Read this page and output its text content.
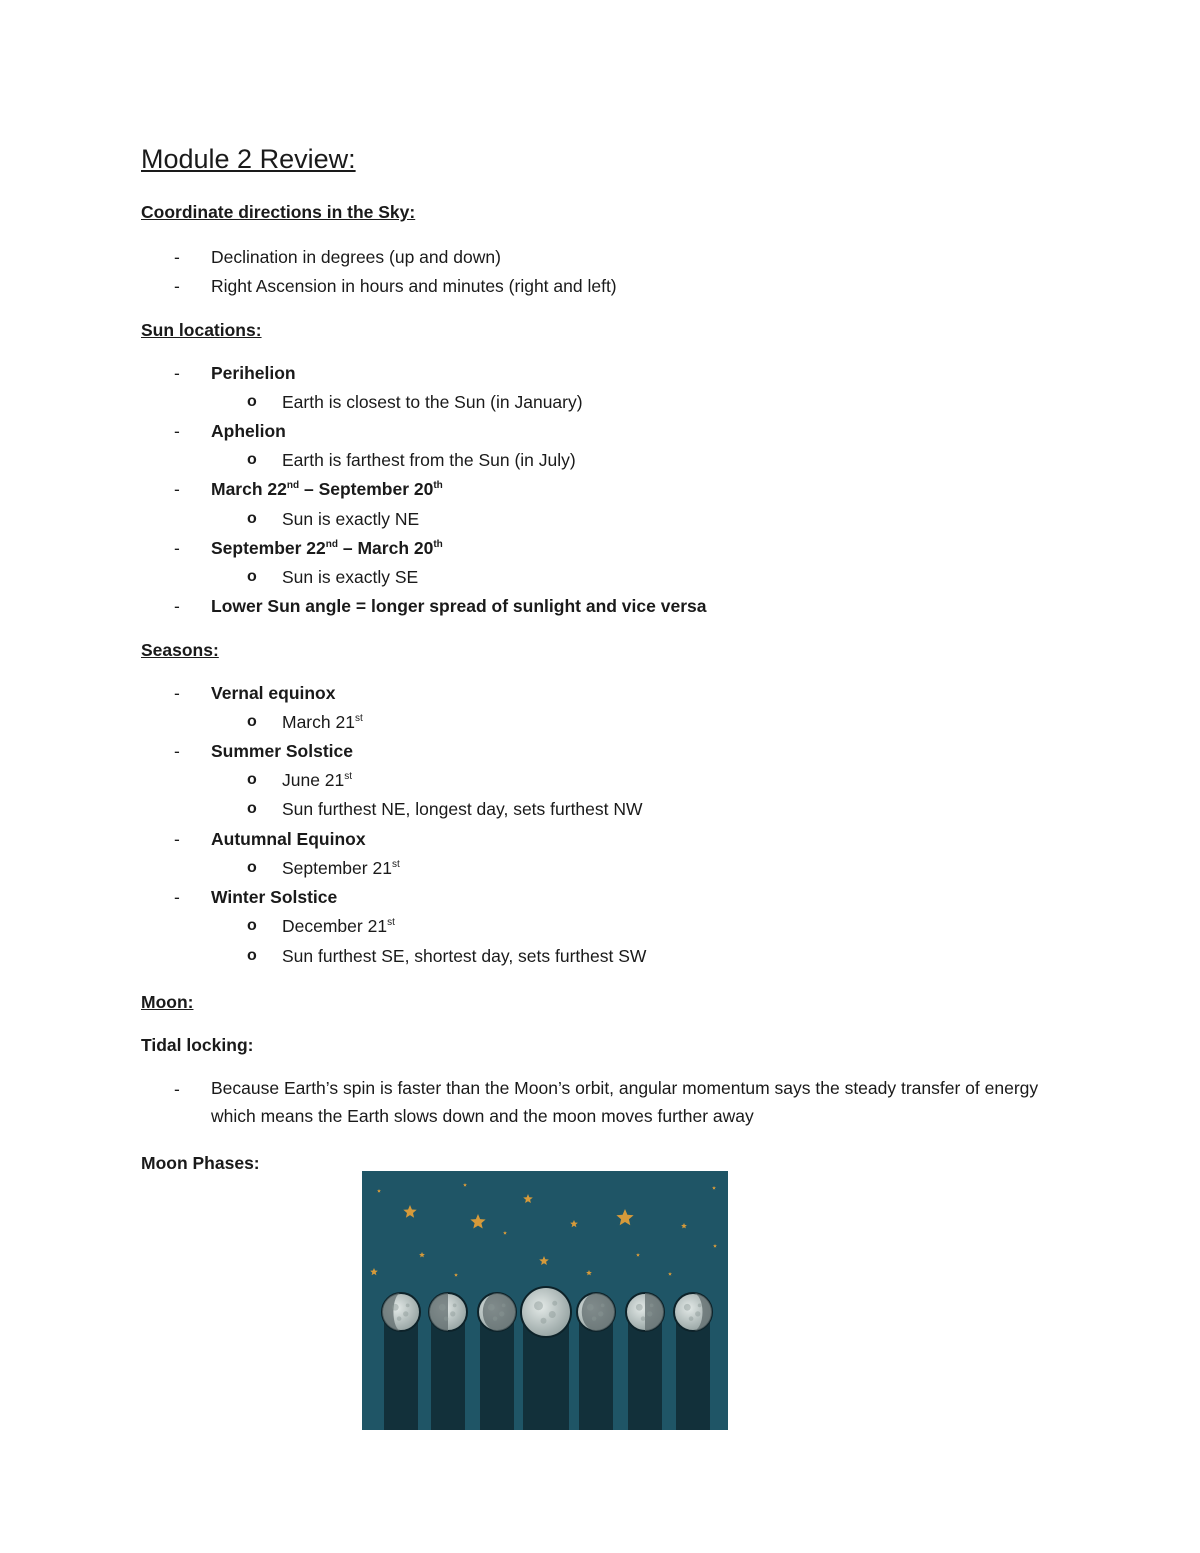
Module 2 Review:
Coordinate directions in the Sky:
- Declination in degrees (up and down)
- Right Ascension in hours and minutes (right and left)
Sun locations:
- Perihelion
o Earth is closest to the Sun (in January)
- Aphelion
o Earth is farthest from the Sun (in July)
- March 22nd – September 20th
o Sun is exactly NE
- September 22nd – March 20th
o Sun is exactly SE
- Lower Sun angle = longer spread of sunlight and vice versa
Seasons:
- Vernal equinox
o March 21st
- Summer Solstice
o June 21st
o Sun furthest NE, longest day, sets furthest NW
- Autumnal Equinox
o September 21st
- Winter Solstice
o December 21st
o Sun furthest SE, shortest day, sets furthest SW
Moon:
Tidal locking:
- Because Earth’s spin is faster than the Moon’s orbit, angular momentum says the steady transfer of energy which means the Earth slows down and the moon moves further away
Moon Phases:
